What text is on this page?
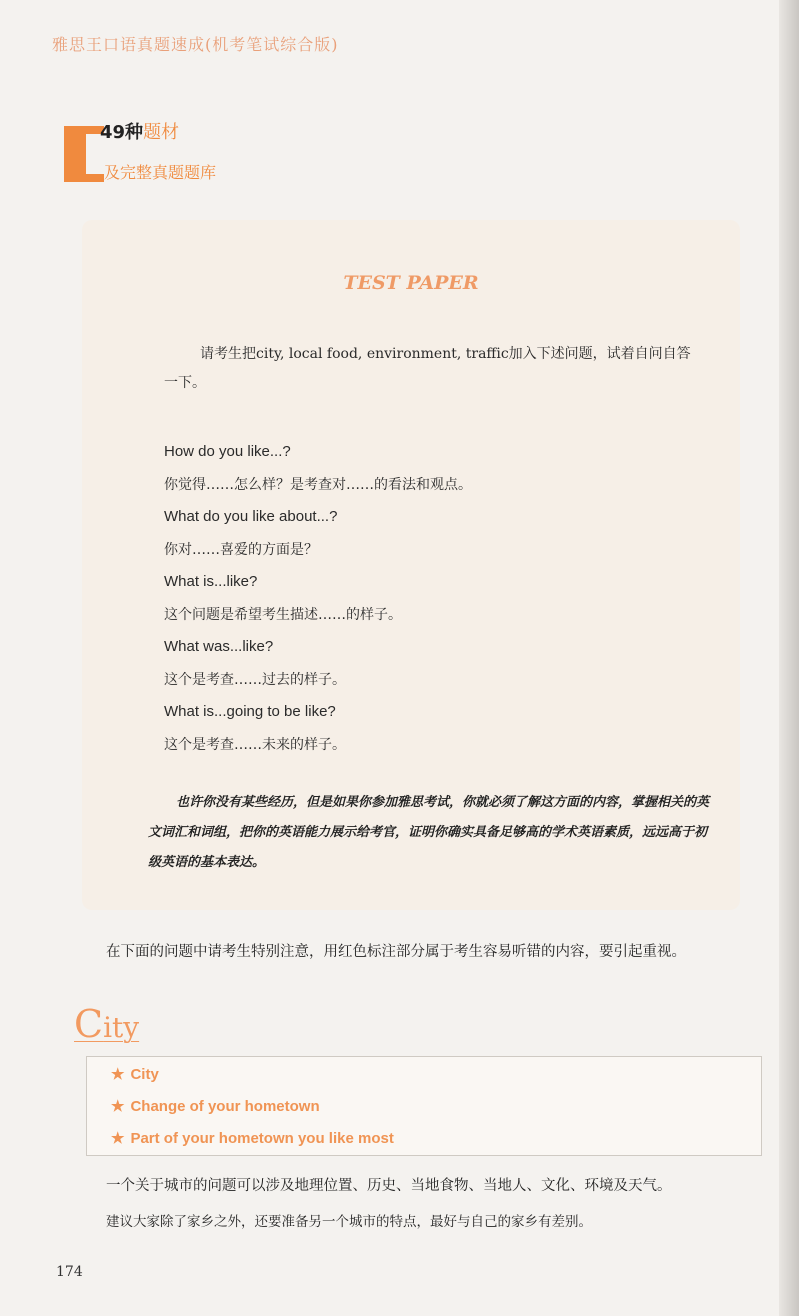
雅思王口语真题速成(机考笔试综合版)
49种题材
及完整真题题库
TEST PAPER
请考生把city, local food, environment, traffic加入下述问题，试着自问自答一下。
How do you like...?
你觉得……怎么样？是考查对……的看法和观点。
What do you like about...?
你对……喜爱的方面是？
What is...like?
这个问题是希望考生描述……的样子。
What was...like?
这个是考查……过去的样子。
What is...going to be like?
这个是考查……未来的样子。
也许你没有某些经历，但是如果你参加雅思考试，你就必须了解这方面的内容，掌握相关的英文词汇和词组，把你的英语能力展示给考官，证明你确实具备足够高的学术英语素质，远远高于初级英语的基本表达。
在下面的问题中请考生特别注意，用红色标注部分属于考生容易听错的内容，要引起重视。
City
★ City
★ Change of your hometown
★ Part of your hometown you like most
一个关于城市的问题可以涉及地理位置、历史、当地食物、当地人、文化、环境及天气。
建议大家除了家乡之外，还要准备另一个城市的特点，最好与自己的家乡有差别。
174
